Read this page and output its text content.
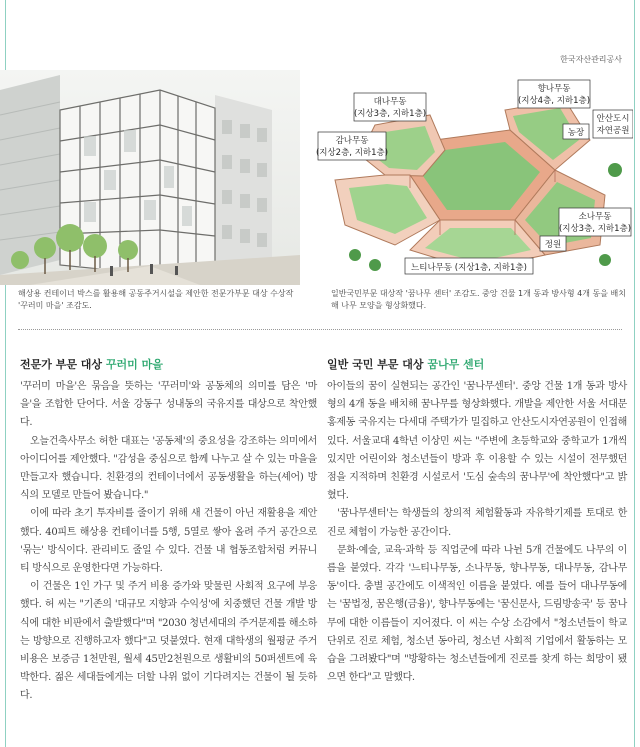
한국자산관리공사
대나무동
(지상3층, 지하1층)
향나무동
(지상4층, 지하1층)
감나무동
(지상2층, 지하1층)
농장
안산도시
자연공원
소나무동
(지상3층, 지하1층)
정원
느티나무동 (지상1층, 지하1층)
해상용 컨테이너 박스를 활용해 공동주거시설을 제안한 전문가부문 대상 수상작 '꾸러미 마을' 조감도.
일반국민부문 대상작 '꿈나무 센터' 조감도. 중앙 건물 1개 동과 방사형 4개 동을 배치해 나무 모양을 형상화했다.
전문가 부문 대상 꾸러미 마을

'꾸러미 마을'은 묶음을 뜻하는 '꾸러미'와 공동체의 의미를 담은 '마을'을 조합한 단어다. 서울 강동구 성내동의 국유지를 대상으로 착안했다.

오늘건축사무소 허한 대표는 '공동체'의 중요성을 강조하는 의미에서 아이디어를 제안했다. "감성을 중심으로 함께 나누고 살 수 있는 마을을 만들고자 했습니다. 친환경의 컨테이너에서 공동생활을 하는(셰어) 방식의 모델로 만들어 봤습니다."

이에 따라 초기 투자비를 줄이기 위해 새 건물이 아닌 재활용을 제안했다. 40피트 해상용 컨테이너를 5행, 5열로 쌓아 올려 주거 공간으로 '묶는' 방식이다. 관리비도 줄일 수 있다. 건물 내 협동조합처럼 커뮤니티 방식으로 운영한다면 가능하다.

이 건물은 1인 가구 및 주거 비용 증가와 맞물린 사회적 요구에 부응했다. 허 씨는 "기존의 '대규모 지향과 수익성'에 치중했던 건물 개발 방식에 대한 비판에서 출발했다"며 "2030 청년세대의 주거문제를 해소하는 방향으로 진행하고자 했다"고 덧붙였다. 현재 대학생의 월평균 주거 비용은 보증금 1천만원, 월세 45만2천원으로 생활비의 50퍼센트에 육박한다. 젊은 세대들에게는 더할 나위 없이 기다려지는 건물이 될 듯하다.

일반 국민 부문 대상 꿈나무 센터

아이들의 꿈이 실현되는 공간인 '꿈나무센터'. 중앙 건물 1개 동과 방사형의 4개 동을 배치해 꿈나무를 형상화했다. 개발을 제안한 서울 서대문 홍제동 국유지는 다세대 주택가가 밀집하고 안산도시자연공원이 인접해 있다. 서울교대 4학년 이상민 씨는 "주변에 초등학교와 중학교가 1개씩 있지만 어린이와 청소년들이 방과 후 이용할 수 있는 시설이 전무했던 점을 지적하며 친환경 시설로서 '도심 숲속의 꿈나무'에 착안했다"고 밝혔다.

'꿈나무센터'는 학생들의 창의적 체험활동과 자유학기제를 토대로 한 진로 체험이 가능한 공간이다.

문화·예술, 교육·과학 등 직업군에 따라 나뉜 5개 건물에도 나무의 이름을 붙였다. 각각 '느티나무동, 소나무동, 향나무동, 대나무동, 감나무동'이다. 충별 공간에도 이색적인 이름을 붙였다. 예를 들어 대나무동에는 '꿈법정, 꿈은행(금융)', 향나무동에는 '꿈신문사, 드림방송국' 등 꿈나무에 대한 이름들이 지어졌다. 이 씨는 수상 소감에서 "청소년들이 학교 단위로 진로 체험, 청소년 동아리, 청소년 사회적 기업에서 활동하는 모습을 그려봤다"며 "방황하는 청소년들에게 진로를 찾게 하는 희망이 됐으면 한다"고 말했다.
